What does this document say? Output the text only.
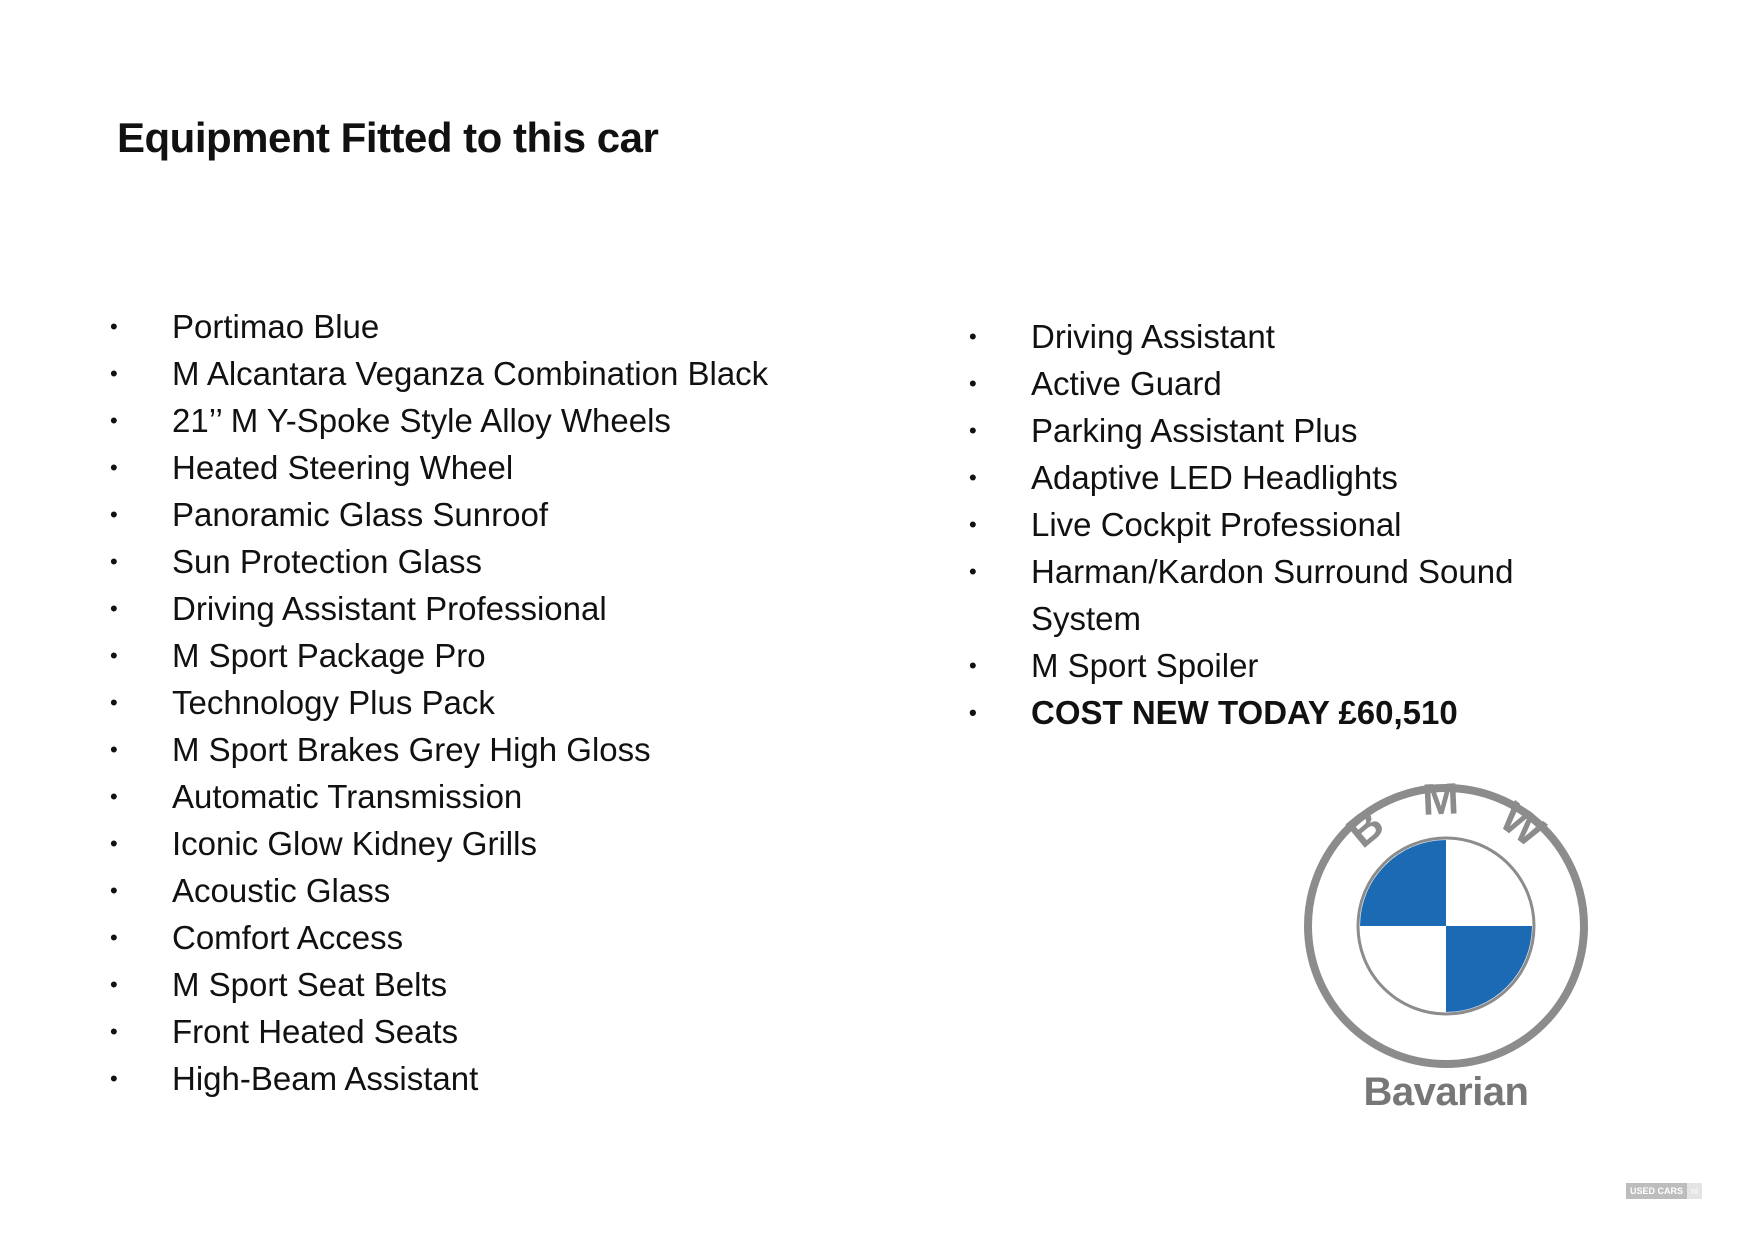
Equipment Fitted to this car
• Portimao Blue
• M Alcantara Veganza Combination Black
• 21’’ M Y-Spoke Style Alloy Wheels
• Heated Steering Wheel
• Panoramic Glass Sunroof
• Sun Protection Glass
• Driving Assistant Professional
• M Sport Package Pro
• Technology Plus Pack
• M Sport Brakes Grey High Gloss
• Automatic Transmission
• Iconic Glow Kidney Grills
• Acoustic Glass
• Comfort Access
• M Sport Seat Belts
• Front Heated Seats
• High-Beam Assistant
• Driving Assistant
• Active Guard
• Parking Assistant Plus
• Adaptive LED Headlights
• Live Cockpit Professional
• Harman/Kardon Surround Sound System
• M Sport Spoiler
• COST NEW TODAY £60,510
B M W
Bavarian
USED CARS ni
